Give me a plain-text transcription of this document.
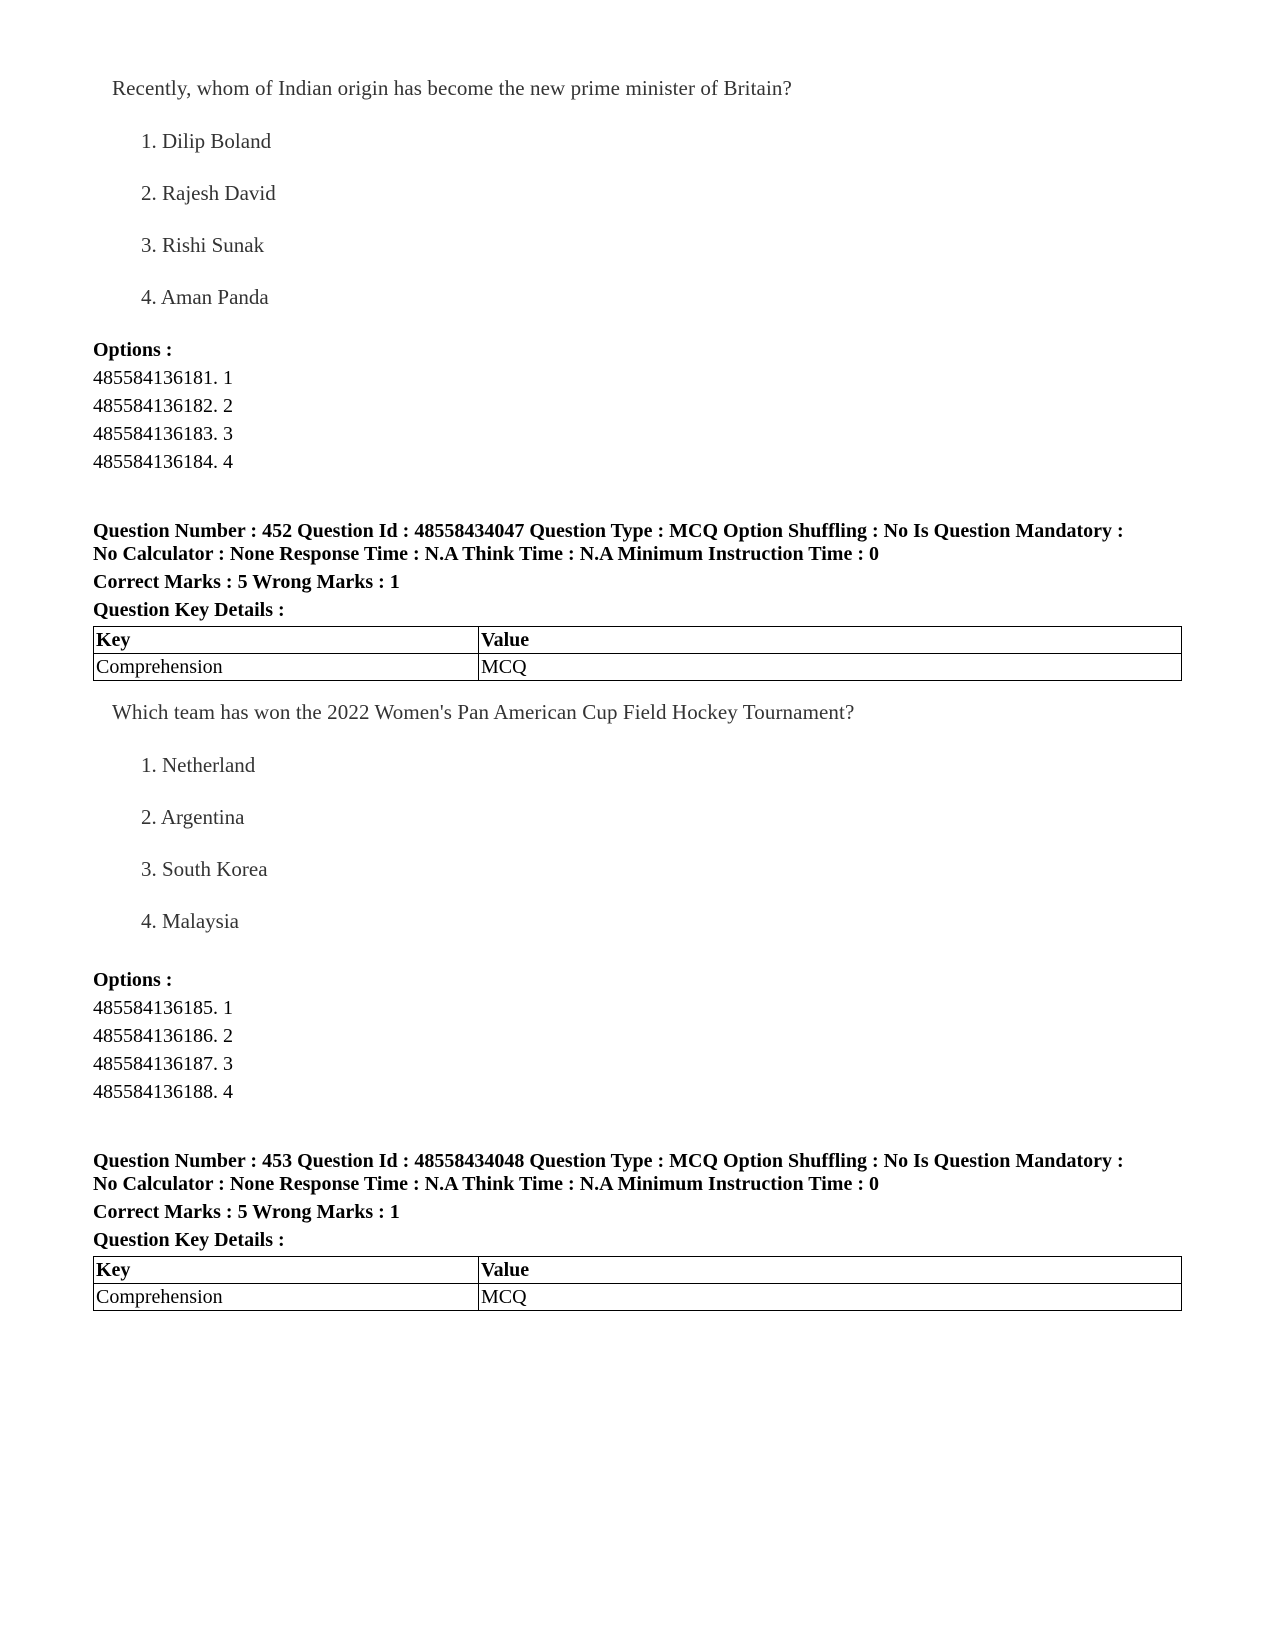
Recently, whom of Indian origin has become the new prime minister of Britain?
1. Dilip Boland
2. Rajesh David
3. Rishi Sunak
4. Aman Panda
Options :
485584136181. 1
485584136182. 2
485584136183. 3
485584136184. 4
Question Number : 452 Question Id : 48558434047 Question Type : MCQ Option Shuffling : No Is Question Mandatory :
No Calculator : None Response Time : N.A Think Time : N.A Minimum Instruction Time : 0
Correct Marks : 5 Wrong Marks : 1
Question Key Details :
Key	Value
Comprehension	MCQ
Which team has won the 2022 Women's Pan American Cup Field Hockey Tournament?
1. Netherland
2. Argentina
3. South Korea
4. Malaysia
Options :
485584136185. 1
485584136186. 2
485584136187. 3
485584136188. 4
Question Number : 453 Question Id : 48558434048 Question Type : MCQ Option Shuffling : No Is Question Mandatory :
No Calculator : None Response Time : N.A Think Time : N.A Minimum Instruction Time : 0
Correct Marks : 5 Wrong Marks : 1
Question Key Details :
Key	Value
Comprehension	MCQ
